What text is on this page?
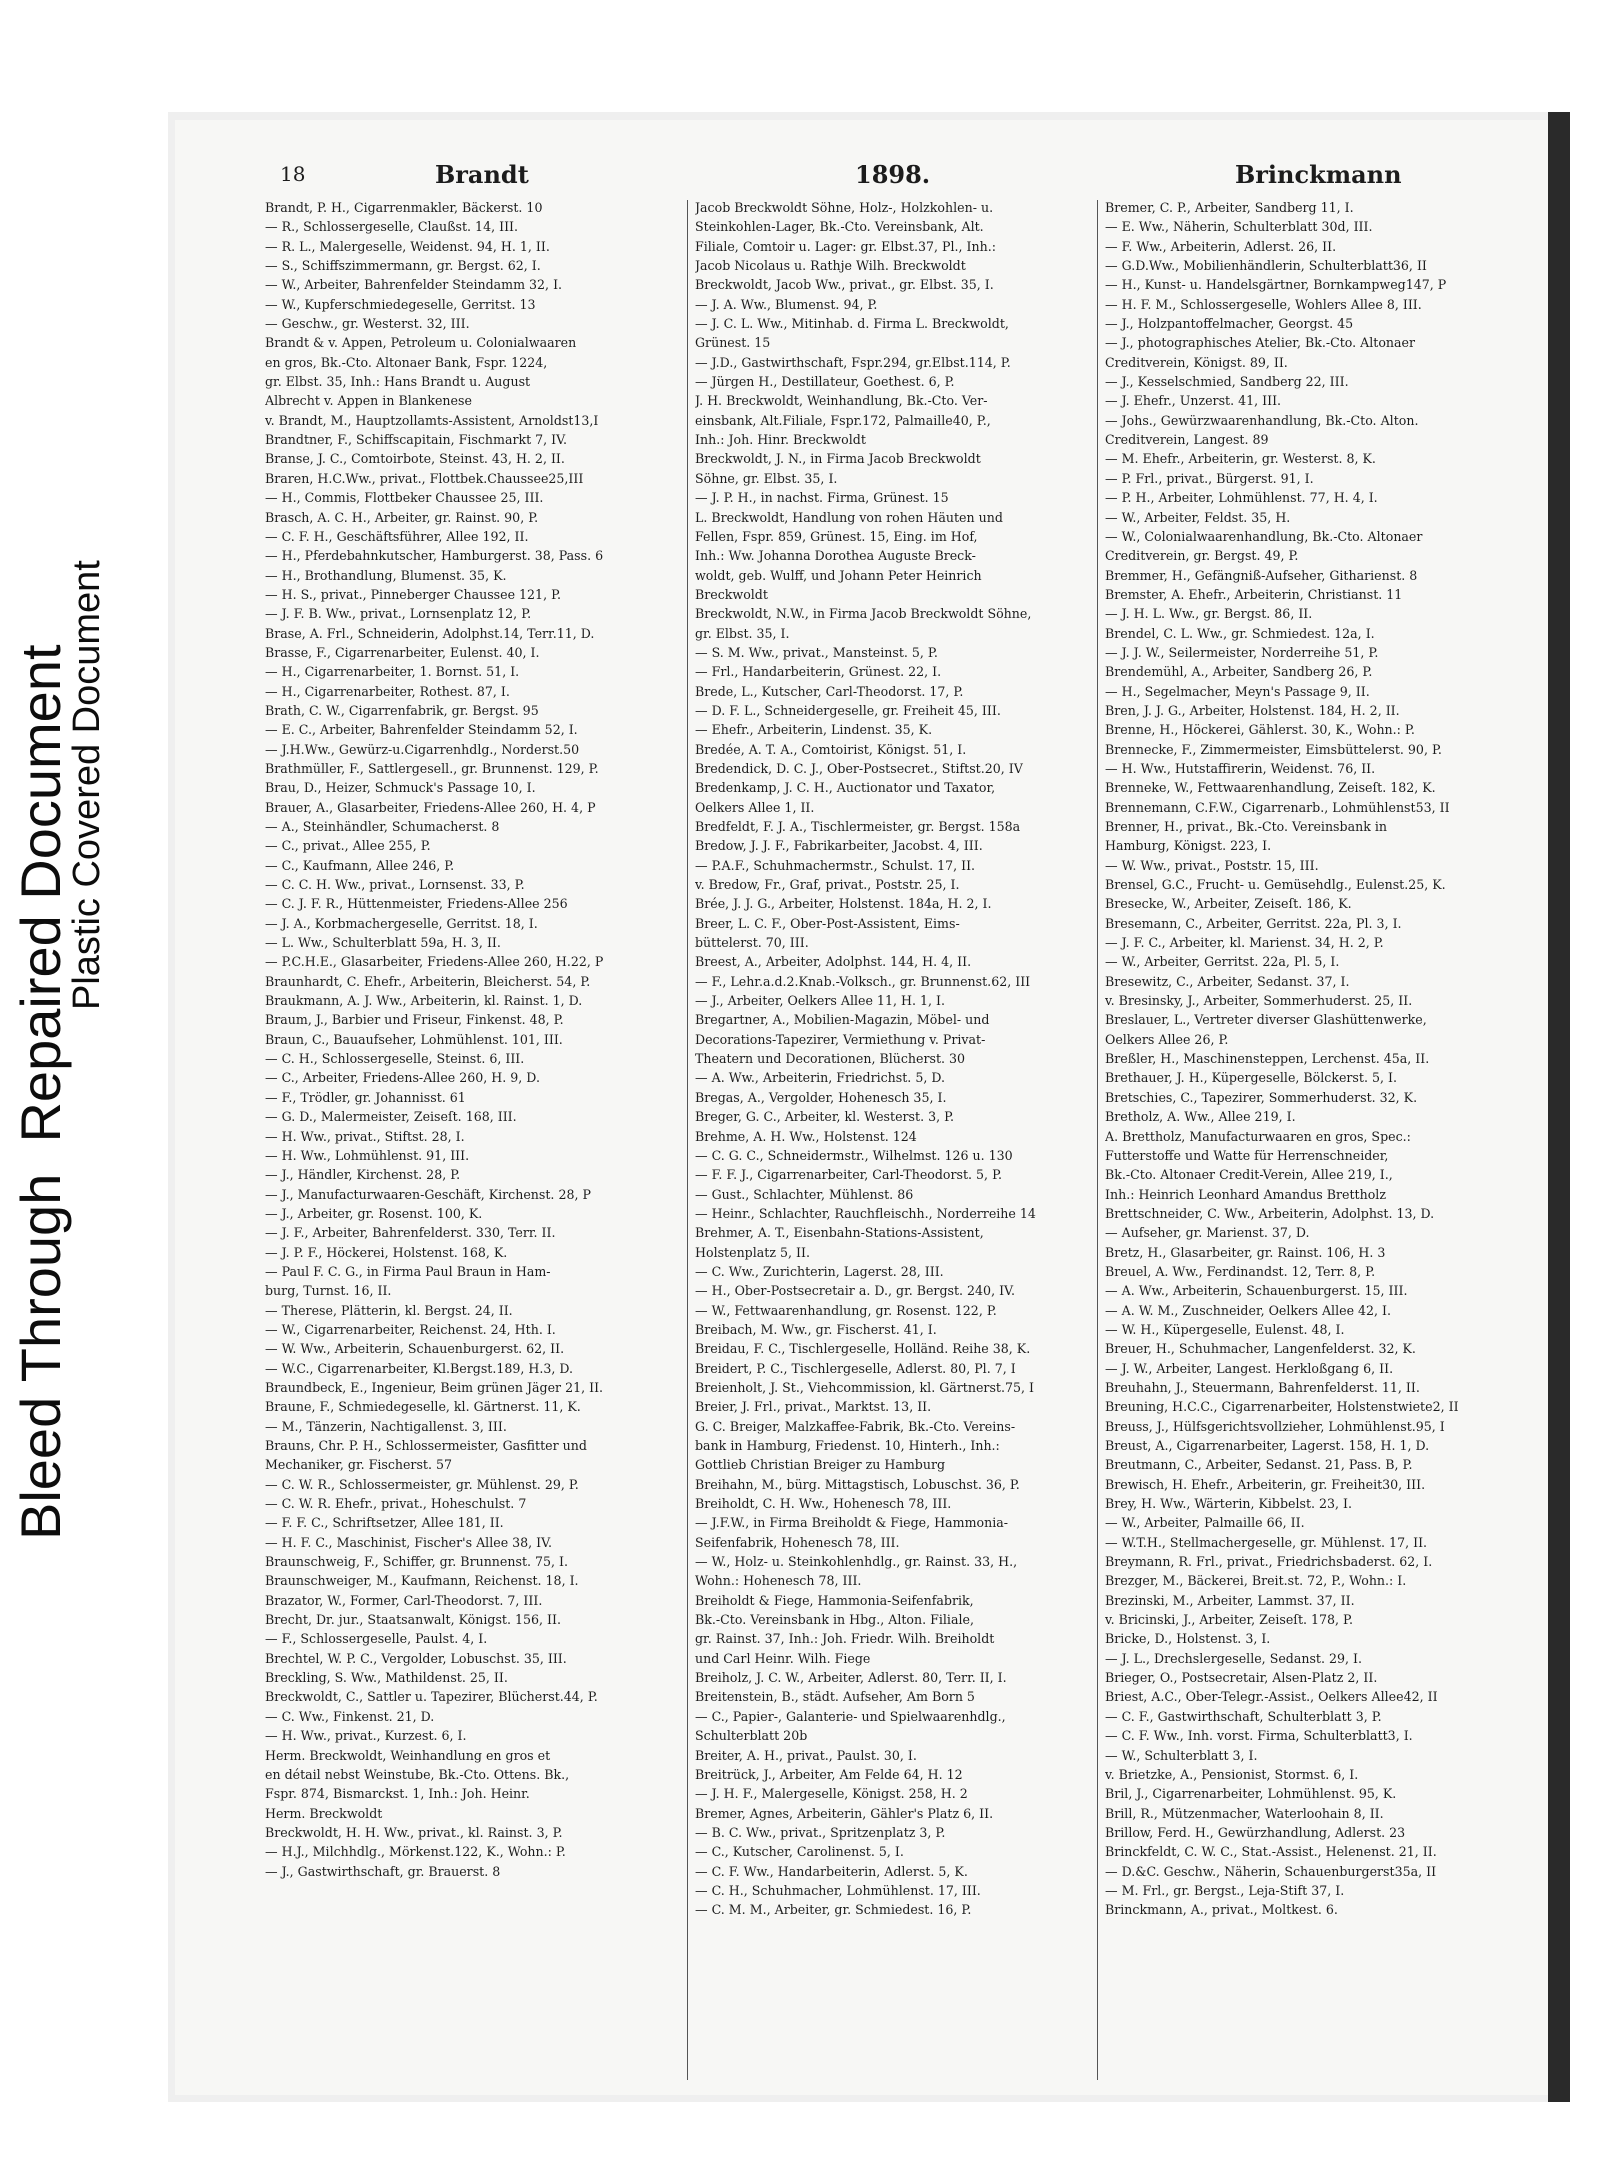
Bleed Through  Repaired Document
Plastic Covered Document
18	Brandt	1898.	Brinckmann
Brandt, P. H., Cigarrenmakler, Bäckerst. 10
— R., Schlossergeselle, Claußst. 14, III.
— R. L., Malergeselle, Weidenst. 94, H. 1, II.
— S., Schiffszimmermann, gr. Bergst. 62, I.
— W., Arbeiter, Bahrenfelder Steindamm 32, I.
— W., Kupferschmiedegeselle, Gerritst. 13
— Geschw., gr. Westerst. 32, III.
Brandt & v. Appen, Petroleum u. Colonialwaaren
en gros, Bk.-Cto. Altonaer Bank, Fspr. 1224,
gr. Elbst. 35, Inh.: Hans Brandt u. August
Albrecht v. Appen in Blankenese
v. Brandt, M., Hauptzollamts-Assistent, Arnoldst13,I
Brandtner, F., Schiffscapitain, Fischmarkt 7, IV.
Branse, J. C., Comtoirbote, Steinst. 43, H. 2, II.
Braren, H.C.Ww., privat., Flottbek.Chaussee25,III
— H., Commis, Flottbeker Chaussee 25, III.
Brasch, A. C. H., Arbeiter, gr. Rainst. 90, P.
— C. F. H., Geschäftsführer, Allee 192, II.
— H., Pferdebahnkutscher, Hamburgerst. 38, Pass. 6
— H., Brothandlung, Blumenst. 35, K.
— H. S., privat., Pinneberger Chaussee 121, P.
— J. F. B. Ww., privat., Lornsenplatz 12, P.
Brase, A. Frl., Schneiderin, Adolphst.14, Terr.11, D.
Brasse, F., Cigarrenarbeiter, Eulenst. 40, I.
— H., Cigarrenarbeiter, 1. Bornst. 51, I.
— H., Cigarrenarbeiter, Rothest. 87, I.
Brath, C. W., Cigarrenfabrik, gr. Bergst. 95
— E. C., Arbeiter, Bahrenfelder Steindamm 52, I.
— J.H.Ww., Gewürz-u.Cigarrenhdlg., Norderst.50
Brathmüller, F., Sattlergesell., gr. Brunnenst. 129, P.
Brau, D., Heizer, Schmuck's Passage 10, I.
Brauer, A., Glasarbeiter, Friedens-Allee 260, H. 4, P
— A., Steinhändler, Schumacherst. 8
— C., privat., Allee 255, P.
— C., Kaufmann, Allee 246, P.
— C. C. H. Ww., privat., Lornsenst. 33, P.
— C. J. F. R., Hüttenmeister, Friedens-Allee 256
— J. A., Korbmachergeselle, Gerritst. 18, I.
— L. Ww., Schulterblatt 59a, H. 3, II.
— P.C.H.E., Glasarbeiter, Friedens-Allee 260, H.22, P
Braunhardt, C. Ehefr., Arbeiterin, Bleicherst. 54, P.
Braukmann, A. J. Ww., Arbeiterin, kl. Rainst. 1, D.
Braum, J., Barbier und Friseur, Finkenst. 48, P.
Braun, C., Bauaufseher, Lohmühlenst. 101, III.
— C. H., Schlossergeselle, Steinst. 6, III.
— C., Arbeiter, Friedens-Allee 260, H. 9, D.
— F., Trödler, gr. Johannisst. 61
— G. D., Malermeister, Zeiseſt. 168, III.
— H. Ww., privat., Stiftst. 28, I.
— H. Ww., Lohmühlenst. 91, III.
— J., Händler, Kirchenst. 28, P.
— J., Manufacturwaaren-Geschäft, Kirchenst. 28, P
— J., Arbeiter, gr. Rosenst. 100, K.
— J. F., Arbeiter, Bahrenfelderst. 330, Terr. II.
— J. P. F., Höckerei, Holstenst. 168, K.
— Paul F. C. G., in Firma Paul Braun in Ham-
burg, Turnst. 16, II.
— Therese, Plätterin, kl. Bergst. 24, II.
— W., Cigarrenarbeiter, Reichenst. 24, Hth. I.
— W. Ww., Arbeiterin, Schauenburgerst. 62, II.
— W.C., Cigarrenarbeiter, Kl.Bergst.189, H.3, D.
Braundbeck, E., Ingenieur, Beim grünen Jäger 21, II.
Braune, F., Schmiedegeselle, kl. Gärtnerst. 11, K.
— M., Tänzerin, Nachtigallenst. 3, III.
Brauns, Chr. P. H., Schlossermeister, Gasfitter und
Mechaniker, gr. Fischerst. 57
— C. W. R., Schlossermeister, gr. Mühlenst. 29, P.
— C. W. R. Ehefr., privat., Hoheschulst. 7
— F. F. C., Schriftsetzer, Allee 181, II.
— H. F. C., Maschinist, Fischer's Allee 38, IV.
Braunschweig, F., Schiffer, gr. Brunnenst. 75, I.
Braunschweiger, M., Kaufmann, Reichenst. 18, I.
Brazator, W., Former, Carl-Theodorst. 7, III.
Brecht, Dr. jur., Staatsanwalt, Königst. 156, II.
— F., Schlossergeselle, Paulst. 4, I.
Brechtel, W. P. C., Vergolder, Lobuschst. 35, III.
Breckling, S. Ww., Mathildenst. 25, II.
Breckwoldt, C., Sattler u. Tapezirer, Blücherst.44, P.
— C. Ww., Finkenst. 21, D.
— H. Ww., privat., Kurzest. 6, I.
Herm. Breckwoldt, Weinhandlung en gros et
en détail nebst Weinstube, Bk.-Cto. Ottens. Bk.,
Fspr. 874, Bismarckst. 1, Inh.: Joh. Heinr.
Herm. Breckwoldt
Breckwoldt, H. H. Ww., privat., kl. Rainst. 3, P.
— H.J., Milchhdlg., Mörkenst.122, K., Wohn.: P.
— J., Gastwirthschaft, gr. Brauerst. 8
Jacob Breckwoldt Söhne, Holz-, Holzkohlen- u.
Steinkohlen-Lager, Bk.-Cto. Vereinsbank, Alt.
Filiale, Comtoir u. Lager: gr. Elbst.37, Pl., Inh.:
Jacob Nicolaus u. Rathje Wilh. Breckwoldt
Breckwoldt, Jacob Ww., privat., gr. Elbst. 35, I.
— J. A. Ww., Blumenst. 94, P.
— J. C. L. Ww., Mitinhab. d. Firma L. Breckwoldt,
Grünest. 15
— J.D., Gastwirthschaft, Fspr.294, gr.Elbst.114, P.
— Jürgen H., Destillateur, Goethest. 6, P.
J. H. Breckwoldt, Weinhandlung, Bk.-Cto. Ver-
einsbank, Alt.Filiale, Fspr.172, Palmaille40, P.,
Inh.: Joh. Hinr. Breckwoldt
Breckwoldt, J. N., in Firma Jacob Breckwoldt
Söhne, gr. Elbst. 35, I.
— J. P. H., in nachst. Firma, Grünest. 15
L. Breckwoldt, Handlung von rohen Häuten und
Fellen, Fspr. 859, Grünest. 15, Eing. im Hof,
Inh.: Ww. Johanna Dorothea Auguste Breck-
woldt, geb. Wulff, und Johann Peter Heinrich
Breckwoldt
Breckwoldt, N.W., in Firma Jacob Breckwoldt Söhne,
gr. Elbst. 35, I.
— S. M. Ww., privat., Mansteinst. 5, P.
— Frl., Handarbeiterin, Grünest. 22, I.
Brede, L., Kutscher, Carl-Theodorst. 17, P.
— D. F. L., Schneidergeselle, gr. Freiheit 45, III.
— Ehefr., Arbeiterin, Lindenst. 35, K.
Bredée, A. T. A., Comtoirist, Königst. 51, I.
Bredendick, D. C. J., Ober-Postsecret., Stiftst.20, IV
Bredenkamp, J. C. H., Auctionator und Taxator,
Oelkers Allee 1, II.
Bredfeldt, F. J. A., Tischlermeister, gr. Bergst. 158a
Bredow, J. J. F., Fabrikarbeiter, Jacobst. 4, III.
— P.A.F., Schuhmachermstr., Schulst. 17, II.
v. Bredow, Fr., Graf, privat., Poststr. 25, I.
Brée, J. J. G., Arbeiter, Holstenst. 184a, H. 2, I.
Breer, L. C. F., Ober-Post-Assistent, Eims-
büttelerst. 70, III.
Breest, A., Arbeiter, Adolphst. 144, H. 4, II.
— F., Lehr.a.d.2.Knab.-Volksch., gr. Brunnenst.62, III
— J., Arbeiter, Oelkers Allee 11, H. 1, I.
Bregartner, A., Mobilien-Magazin, Möbel- und
Decorations-Tapezirer, Vermiethung v. Privat-
Theatern und Decorationen, Blücherst. 30
— A. Ww., Arbeiterin, Friedrichst. 5, D.
Bregas, A., Vergolder, Hohenesch 35, I.
Breger, G. C., Arbeiter, kl. Westerst. 3, P.
Brehme, A. H. Ww., Holstenst. 124
— C. G. C., Schneidermstr., Wilhelmst. 126 u. 130
— F. F. J., Cigarrenarbeiter, Carl-Theodorst. 5, P.
— Gust., Schlachter, Mühlenst. 86
— Heinr., Schlachter, Rauchfleischh., Norderreihe 14
Brehmer, A. T., Eisenbahn-Stations-Assistent,
Holstenplatz 5, II.
— C. Ww., Zurichterin, Lagerst. 28, III.
— H., Ober-Postsecretair a. D., gr. Bergst. 240, IV.
— W., Fettwaarenhandlung, gr. Rosenst. 122, P.
Breibach, M. Ww., gr. Fischerst. 41, I.
Breidau, F. C., Tischlergeselle, Holländ. Reihe 38, K.
Breidert, P. C., Tischlergeselle, Adlerst. 80, Pl. 7, I
Breienholt, J. St., Viehcommission, kl. Gärtnerst.75, I
Breier, J. Frl., privat., Marktst. 13, II.
G. C. Breiger, Malzkaffee-Fabrik, Bk.-Cto. Vereins-
bank in Hamburg, Friedenst. 10, Hinterh., Inh.:
Gottlieb Christian Breiger zu Hamburg
Breihahn, M., bürg. Mittagstisch, Lobuschst. 36, P.
Breiholdt, C. H. Ww., Hohenesch 78, III.
— J.F.W., in Firma Breiholdt & Fiege, Hammonia-
Seifenfabrik, Hohenesch 78, III.
— W., Holz- u. Steinkohlenhdlg., gr. Rainst. 33, H.,
Wohn.: Hohenesch 78, III.
Breiholdt & Fiege, Hammonia-Seifenfabrik,
Bk.-Cto. Vereinsbank in Hbg., Alton. Filiale,
gr. Rainst. 37, Inh.: Joh. Friedr. Wilh. Breiholdt
und Carl Heinr. Wilh. Fiege
Breiholz, J. C. W., Arbeiter, Adlerst. 80, Terr. II, I.
Breitenstein, B., städt. Aufseher, Am Born 5
— C., Papier-, Galanterie- und Spielwaarenhdlg.,
Schulterblatt 20b
Breiter, A. H., privat., Paulst. 30, I.
Breitrück, J., Arbeiter, Am Felde 64, H. 12
— J. H. F., Malergeselle, Königst. 258, H. 2
Bremer, Agnes, Arbeiterin, Gähler's Platz 6, II.
— B. C. Ww., privat., Spritzenplatz 3, P.
— C., Kutscher, Carolinenst. 5, I.
— C. F. Ww., Handarbeiterin, Adlerst. 5, K.
— C. H., Schuhmacher, Lohmühlenst. 17, III.
— C. M. M., Arbeiter, gr. Schmiedest. 16, P.
Bremer, C. P., Arbeiter, Sandberg 11, I.
— E. Ww., Näherin, Schulterblatt 30d, III.
— F. Ww., Arbeiterin, Adlerst. 26, II.
— G.D.Ww., Mobilienhändlerin, Schulterblatt36, II
— H., Kunst- u. Handelsgärtner, Bornkampweg147, P
— H. F. M., Schlossergeselle, Wohlers Allee 8, III.
— J., Holzpantoffelmacher, Georgst. 45
— J., photographisches Atelier, Bk.-Cto. Altonaer
Creditverein, Königst. 89, II.
— J., Kesselschmied, Sandberg 22, III.
— J. Ehefr., Unzerst. 41, III.
— Johs., Gewürzwaarenhandlung, Bk.-Cto. Alton.
Creditverein, Langest. 89
— M. Ehefr., Arbeiterin, gr. Westerst. 8, K.
— P. Frl., privat., Bürgerst. 91, I.
— P. H., Arbeiter, Lohmühlenst. 77, H. 4, I.
— W., Arbeiter, Feldst. 35, H.
— W., Colonialwaarenhandlung, Bk.-Cto. Altonaer
Creditverein, gr. Bergst. 49, P.
Bremmer, H., Gefängniß-Aufseher, Githarienst. 8
Bremster, A. Ehefr., Arbeiterin, Christianst. 11
— J. H. L. Ww., gr. Bergst. 86, II.
Brendel, C. L. Ww., gr. Schmiedest. 12a, I.
— J. J. W., Seilermeister, Norderreihe 51, P.
Brendemühl, A., Arbeiter, Sandberg 26, P.
— H., Segelmacher, Meyn's Passage 9, II.
Bren, J. J. G., Arbeiter, Holstenst. 184, H. 2, II.
Brenne, H., Höckerei, Gählerst. 30, K., Wohn.: P.
Brennecke, F., Zimmermeister, Eimsbüttelerst. 90, P.
— H. Ww., Hutstaffirerin, Weidenst. 76, II.
Brenneke, W., Fettwaarenhandlung, Zeiseſt. 182, K.
Brennemann, C.F.W., Cigarrenarb., Lohmühlenst53, II
Brenner, H., privat., Bk.-Cto. Vereinsbank in
Hamburg, Königst. 223, I.
— W. Ww., privat., Poststr. 15, III.
Brensel, G.C., Frucht- u. Gemüsehdlg., Eulenst.25, K.
Bresecke, W., Arbeiter, Zeiseſt. 186, K.
Bresemann, C., Arbeiter, Gerritst. 22a, Pl. 3, I.
— J. F. C., Arbeiter, kl. Marienst. 34, H. 2, P.
— W., Arbeiter, Gerritst. 22a, Pl. 5, I.
Bresewitz, C., Arbeiter, Sedanst. 37, I.
v. Bresinsky, J., Arbeiter, Sommerhuderst. 25, II.
Breslauer, L., Vertreter diverser Glashüttenwerke,
Oelkers Allee 26, P.
Breßler, H., Maschinensteppen, Lerchenst. 45a, II.
Brethauer, J. H., Küpergeselle, Bölckerst. 5, I.
Bretschies, C., Tapezirer, Sommerhuderst. 32, K.
Bretholz, A. Ww., Allee 219, I.
A. Brettholz, Manufacturwaaren en gros, Spec.:
Futterstoffe und Watte für Herrenschneider,
Bk.-Cto. Altonaer Credit-Verein, Allee 219, I.,
Inh.: Heinrich Leonhard Amandus Brettholz
Brettschneider, C. Ww., Arbeiterin, Adolphst. 13, D.
— Aufseher, gr. Marienst. 37, D.
Bretz, H., Glasarbeiter, gr. Rainst. 106, H. 3
Breuel, A. Ww., Ferdinandst. 12, Terr. 8, P.
— A. Ww., Arbeiterin, Schauenburgerst. 15, III.
— A. W. M., Zuschneider, Oelkers Allee 42, I.
— W. H., Küpergeselle, Eulenst. 48, I.
Breuer, H., Schuhmacher, Langenfelderst. 32, K.
— J. W., Arbeiter, Langest. Herkloßgang 6, II.
Breuhahn, J., Steuermann, Bahrenfelderst. 11, II.
Breuning, H.C.C., Cigarrenarbeiter, Holstenstwiete2, II
Breuss, J., Hülfsgerichtsvollzieher, Lohmühlenst.95, I
Breust, A., Cigarrenarbeiter, Lagerst. 158, H. 1, D.
Breutmann, C., Arbeiter, Sedanst. 21, Pass. B, P.
Brewisch, H. Ehefr., Arbeiterin, gr. Freiheit30, III.
Brey, H. Ww., Wärterin, Kibbelst. 23, I.
— W., Arbeiter, Palmaille 66, II.
— W.T.H., Stellmachergeselle, gr. Mühlenst. 17, II.
Breymann, R. Frl., privat., Friedrichsbaderst. 62, I.
Brezger, M., Bäckerei, Breit.st. 72, P., Wohn.: I.
Brezinski, M., Arbeiter, Lammst. 37, II.
v. Bricinski, J., Arbeiter, Zeiseſt. 178, P.
Bricke, D., Holstenst. 3, I.
— J. L., Drechslergeselle, Sedanst. 29, I.
Brieger, O., Postsecretair, Alsen-Platz 2, II.
Briest, A.C., Ober-Telegr.-Assist., Oelkers Allee42, II
— C. F., Gastwirthschaft, Schulterblatt 3, P.
— C. F. Ww., Inh. vorst. Firma, Schulterblatt3, I.
— W., Schulterblatt 3, I.
v. Brietzke, A., Pensionist, Stormst. 6, I.
Bril, J., Cigarrenarbeiter, Lohmühlenst. 95, K.
Brill, R., Mützenmacher, Waterloohain 8, II.
Brillow, Ferd. H., Gewürzhandlung, Adlerst. 23
Brinckfeldt, C. W. C., Stat.-Assist., Helenenst. 21, II.
— D.&C. Geschw., Näherin, Schauenburgerst35a, II
— M. Frl., gr. Bergst., Leja-Stift 37, I.
Brinckmann, A., privat., Moltkest. 6.
